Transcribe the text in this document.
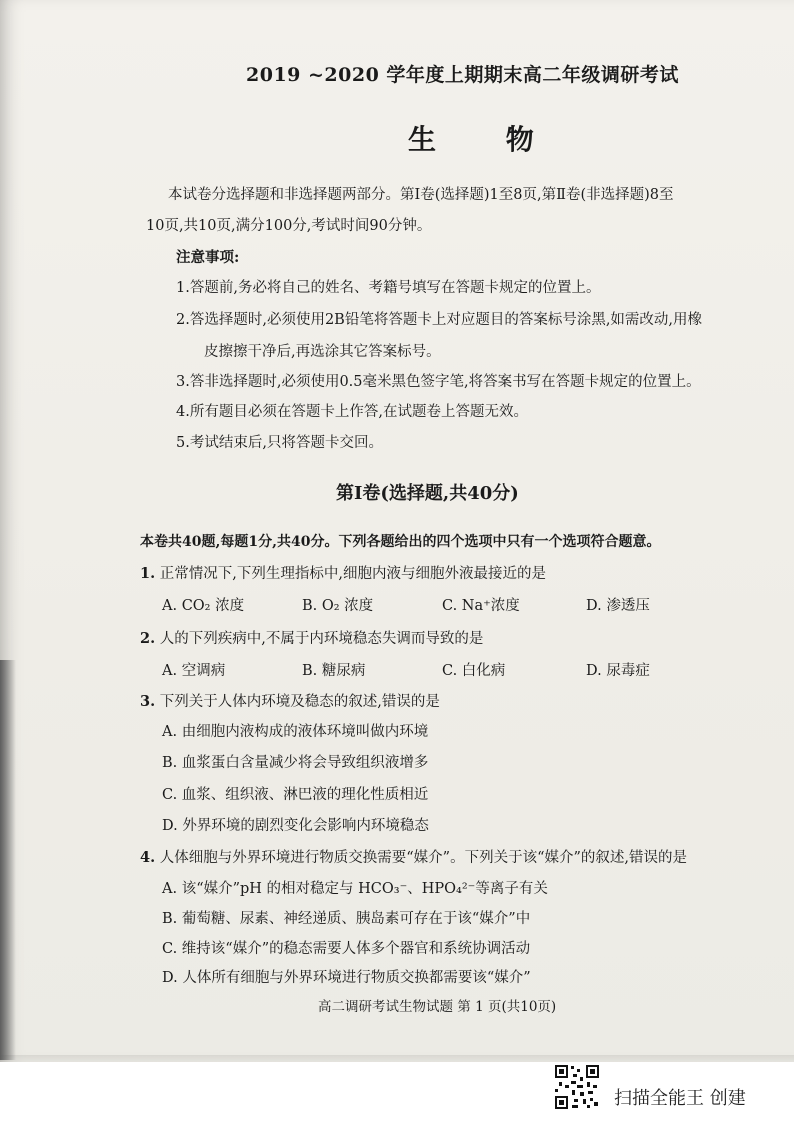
2019 ~2020 学年度上期期末高二年级调研考试
生 物
本试卷分选择题和非选择题两部分。第Ⅰ卷(选择题)1至8页,第Ⅱ卷(非选择题)8至
10页,共10页,满分100分,考试时间90分钟。
注意事项:
1.答题前,务必将自己的姓名、考籍号填写在答题卡规定的位置上。
2.答选择题时,必须使用2B铅笔将答题卡上对应题目的答案标号涂黑,如需改动,用橡
皮擦擦干净后,再选涂其它答案标号。
3.答非选择题时,必须使用0.5毫米黑色签字笔,将答案书写在答题卡规定的位置上。
4.所有题目必须在答题卡上作答,在试题卷上答题无效。
5.考试结束后,只将答题卡交回。
第Ⅰ卷(选择题,共40分)
本卷共40题,每题1分,共40分。下列各题给出的四个选项中只有一个选项符合题意。
1. 正常情况下,下列生理指标中,细胞内液与细胞外液最接近的是
A. CO₂ 浓度	B. O₂ 浓度	C. Na⁺浓度	D. 渗透压
2. 人的下列疾病中,不属于内环境稳态失调而导致的是
A. 空调病	B. 糖尿病	C. 白化病	D. 尿毒症
3. 下列关于人体内环境及稳态的叙述,错误的是
A. 由细胞内液构成的液体环境叫做内环境
B. 血浆蛋白含量减少将会导致组织液增多
C. 血浆、组织液、淋巴液的理化性质相近
D. 外界环境的剧烈变化会影响内环境稳态
4. 人体细胞与外界环境进行物质交换需要“媒介”。下列关于该“媒介”的叙述,错误的是
A. 该“媒介”pH 的相对稳定与 HCO₃⁻、HPO₄²⁻等离子有关
B. 葡萄糖、尿素、神经递质、胰岛素可存在于该“媒介”中
C. 维持该“媒介”的稳态需要人体多个器官和系统协调活动
D. 人体所有细胞与外界环境进行物质交换都需要该“媒介”
高二调研考试生物试题 第 1 页(共10页)
扫描全能王 创建
